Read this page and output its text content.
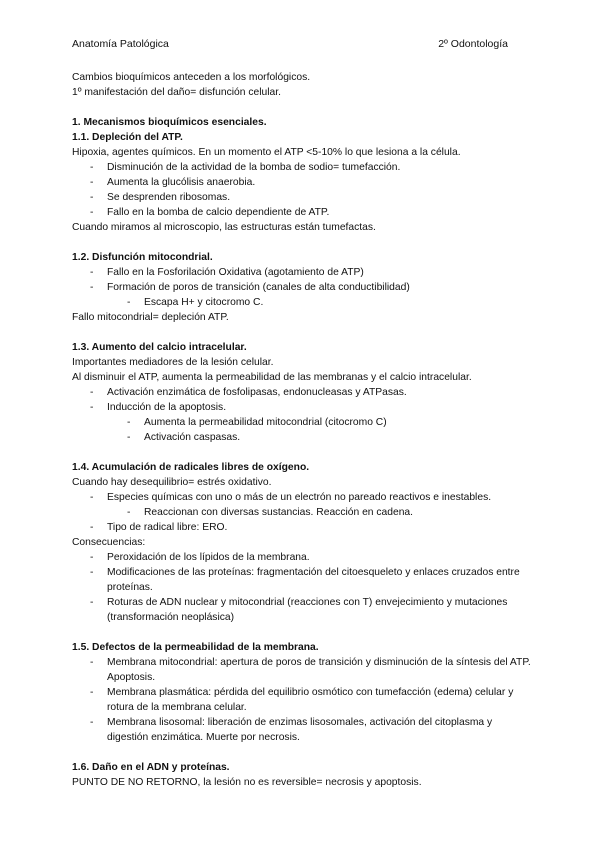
Anatomía Patológica	2º Odontología

Cambios bioquímicos anteceden a los morfológicos.

1º manifestación del daño= disfunción celular.

1. Mecanismos bioquímicos esenciales.
1.1. Depleción del ATP.

Hipoxia, agentes químicos. En un momento el ATP <5-10% lo que lesiona a la célula.

- Disminución de la actividad de la bomba de sodio= tumefacción.
- Aumenta la glucólisis anaerobia.
- Se desprenden ribosomas.
- Fallo en la bomba de calcio dependiente de ATP.

Cuando miramos al microscopio, las estructuras están tumefactas.

1.2. Disfunción mitocondrial.
- Fallo en la Fosforilación Oxidativa (agotamiento de ATP)
- Formación de poros de transición (canales de alta conductibilidad)
- Escapa H+ y citocromo C.

Fallo mitocondrial= depleción ATP.

1.3. Aumento del calcio intracelular.

Importantes mediadores de la lesión celular.

Al disminuir el ATP, aumenta la permeabilidad de las membranas y el calcio intracelular.

- Activación enzimática de fosfolipasas, endonucleasas y ATPasas.
- Inducción de la apoptosis.
- Aumenta la permeabilidad mitocondrial (citocromo C)
- Activación caspasas.
1.4. Acumulación de radicales libres de oxígeno.

Cuando hay desequilibrio= estrés oxidativo.

- Especies químicas con uno o más de un electrón no pareado reactivos e inestables.
- Reaccionan con diversas sustancias. Reacción en cadena.
- Tipo de radical libre: ERO.

Consecuencias:

- Peroxidación de los lípidos de la membrana.
- Modificaciones de las proteínas: fragmentación del citoesqueleto y enlaces cruzados entre proteínas.
- Roturas de ADN nuclear y mitocondrial (reacciones con T) envejecimiento y mutaciones (transformación neoplásica)
1.5. Defectos de la permeabilidad de la membrana.
- Membrana mitocondrial: apertura de poros de transición y disminución de la síntesis del ATP. Apoptosis.
- Membrana plasmática: pérdida del equilibrio osmótico con tumefacción (edema) celular y rotura de la membrana celular.
- Membrana lisosomal: liberación de enzimas lisosomales, activación del citoplasma y digestión enzimática. Muerte por necrosis.
1.6. Daño en el ADN y proteínas.

PUNTO DE NO RETORNO, la lesión no es reversible= necrosis y apoptosis.
